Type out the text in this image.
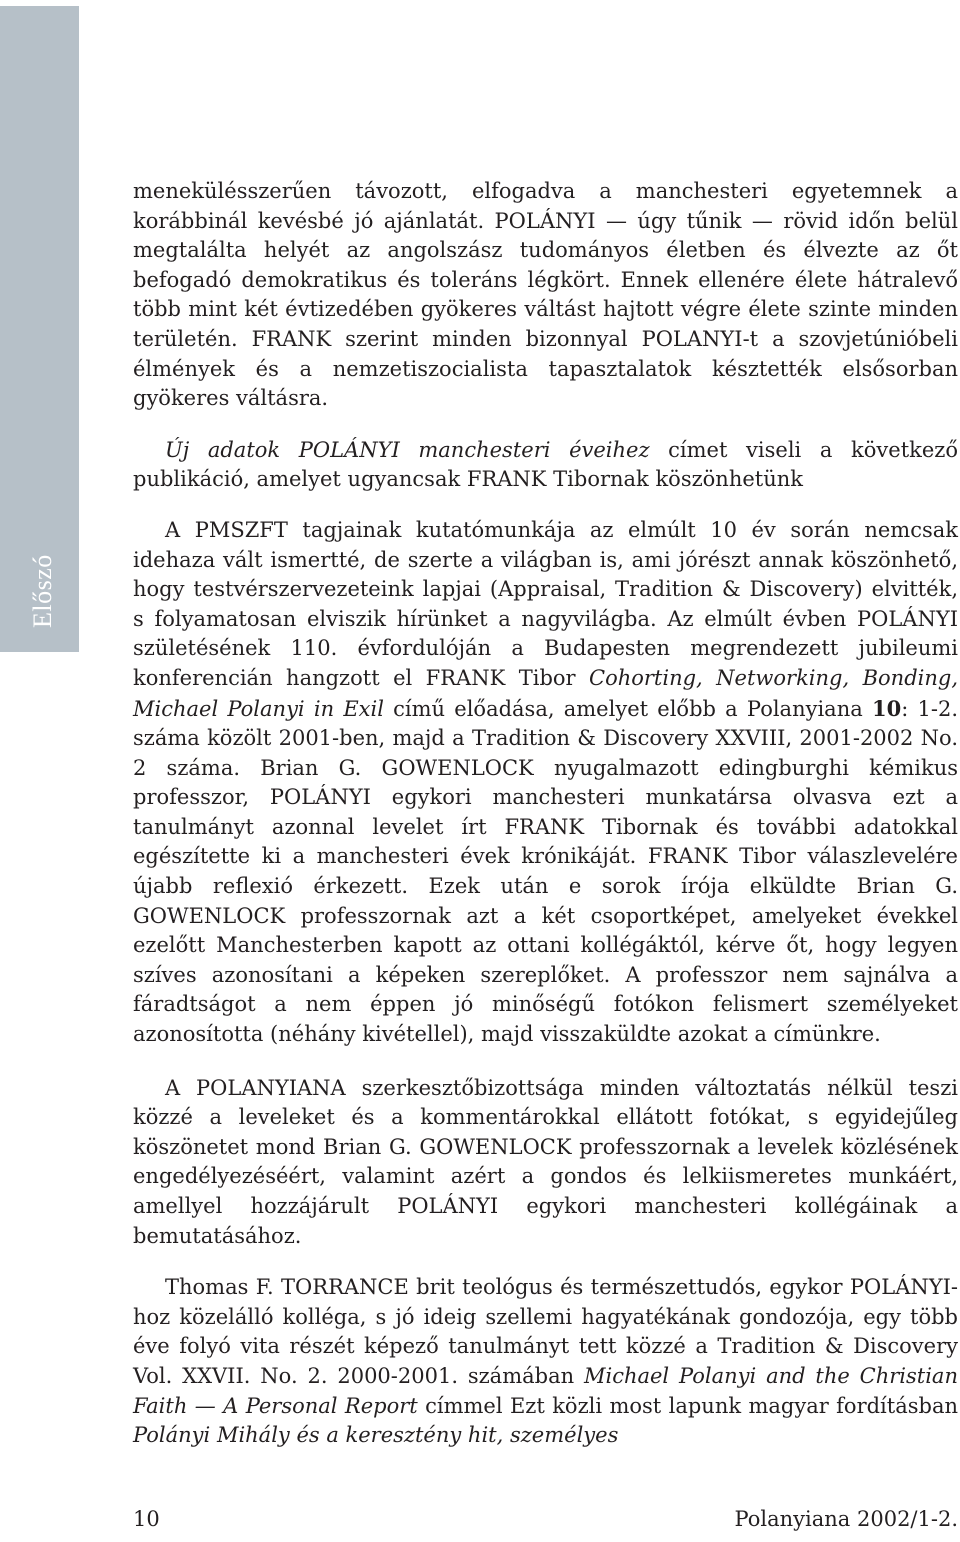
Előszó

menekülésszerűen távozott, elfogadva a manchesteri egyetemnek a korábbinál kevésbé jó ajánlatát. POLÁNYI — úgy tűnik — rövid időn belül megtalálta helyét az angolszász tudományos életben és élvezte az őt befogadó demokratikus és toleráns légkört. Ennek ellenére élete hátralevő több mint két évtizedében gyökeres váltást hajtott végre élete szinte minden területén. FRANK szerint minden bizonnyal POLANYI-t a szovjetúnióbeli élmények és a nemzetiszocialista tapasztalatok késztették elsősorban gyökeres váltásra.

Új adatok POLÁNYI manchesteri éveihez címet viseli a következő publikáció, amelyet ugyancsak FRANK Tibornak köszönhetünk

A PMSZFT tagjainak kutatómunkája az elmúlt 10 év során nemcsak idehaza vált ismertté, de szerte a világban is, ami jórészt annak köszönhető, hogy testvérszervezeteink lapjai (Appraisal, Tradition & Discovery) elvitték, s folyamatosan elviszik hírünket a nagyvilágba. Az elmúlt évben POLÁNYI születésének 110. évfordulóján a Budapesten megrendezett jubileumi konferencián hangzott el FRANK Tibor Cohorting, Networking, Bonding, Michael Polanyi in Exil című előadása, amelyet előbb a Polanyiana 10: 1-2. száma közölt 2001-ben, majd a Tradition & Discovery XXVIII, 2001-2002 No. 2 száma. Brian G. GOWENLOCK nyugalmazott edingburghi kémikus professzor, POLÁNYI egykori manchesteri munkatársa olvasva ezt a tanulmányt azonnal levelet írt FRANK Tibornak és további adatokkal egészítette ki a manchesteri évek krónikáját. FRANK Tibor válaszlevelére újabb reflexió érkezett. Ezek után e sorok írója elküldte Brian G. GOWENLOCK professzornak azt a két csoportképet, amelyeket évekkel ezelőtt Manchesterben kapott az ottani kollégáktól, kérve őt, hogy legyen szíves azonosítani a képeken szereplőket. A professzor nem sajnálva a fáradtságot a nem éppen jó minőségű fotókon felismert személyeket azonosította (néhány kivétellel), majd visszaküldte azokat a címünkre.

A POLANYIANA szerkesztőbizottsága minden változtatás nélkül teszi közzé a leveleket és a kommentárokkal ellátott fotókat, s egyidejűleg köszönetet mond Brian G. GOWENLOCK professzornak a levelek közlésének engedélyezéséért, valamint azért a gondos és lelkiismeretes munkáért, amellyel hozzájárult POLÁNYI egykori manchesteri kollégáinak a bemutatásához.

Thomas F. TORRANCE brit teológus és természettudós, egykor POLÁNYI-hoz közelálló kolléga, s jó ideig szellemi hagyatékának gondozója, egy több éve folyó vita részét képező tanulmányt tett közzé a Tradition & Discovery Vol. XXVII. No. 2. 2000-2001. számában Michael Polanyi and the Christian Faith — A Personal Report címmel Ezt közli most lapunk magyar fordításban Polányi Mihály és a keresztény hit, személyes

10	Polanyiana 2002/1-2.
